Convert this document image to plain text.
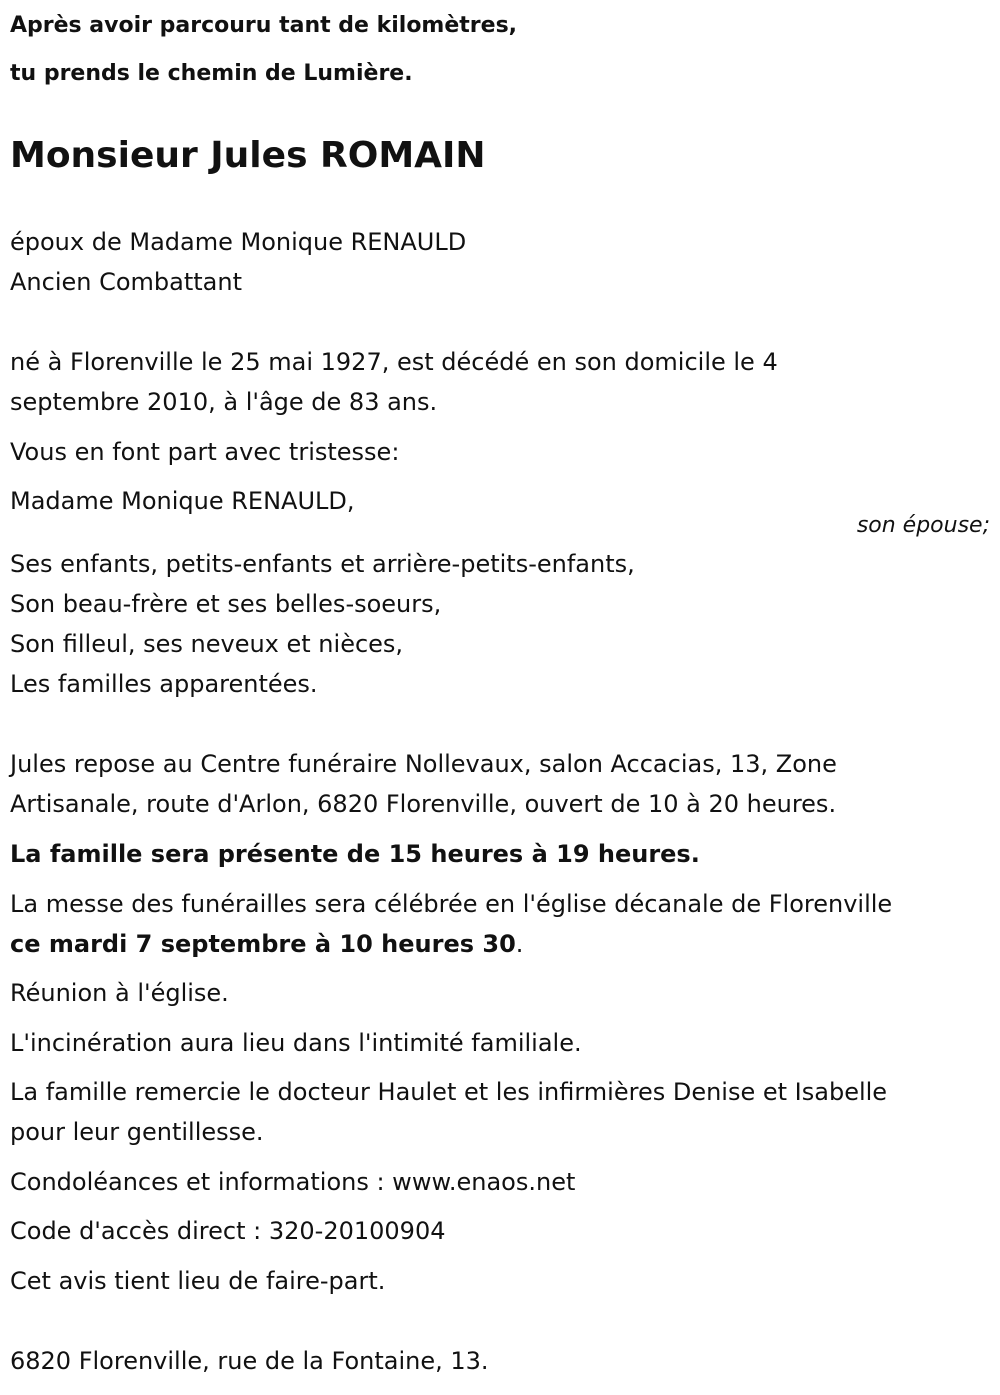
Après avoir parcouru tant de kilomètres,
tu prends le chemin de Lumière.
Monsieur Jules ROMAIN
époux de Madame Monique RENAULD
Ancien Combattant
né à Florenville le 25 mai 1927, est décédé en son domicile le 4
septembre 2010, à l'âge de 83 ans.
Vous en font part avec tristesse:
Madame Monique RENAULD,
son épouse;
Ses enfants, petits-enfants et arrière-petits-enfants,
Son beau-frère et ses belles-soeurs,
Son filleul, ses neveux et nièces,
Les familles apparentées.
Jules repose au Centre funéraire Nollevaux, salon Accacias, 13, Zone
Artisanale, route d'Arlon, 6820 Florenville, ouvert de 10 à 20 heures.
La famille sera présente de 15 heures à 19 heures.
La messe des funérailles sera célébrée en l'église décanale de Florenville
ce mardi 7 septembre à 10 heures 30.
Réunion à l'église.
L'incinération aura lieu dans l'intimité familiale.
La famille remercie le docteur Haulet et les infirmières Denise et Isabelle
pour leur gentillesse.
Condoléances et informations : www.enaos.net
Code d'accès direct : 320-20100904
Cet avis tient lieu de faire-part.
6820 Florenville, rue de la Fontaine, 13.
